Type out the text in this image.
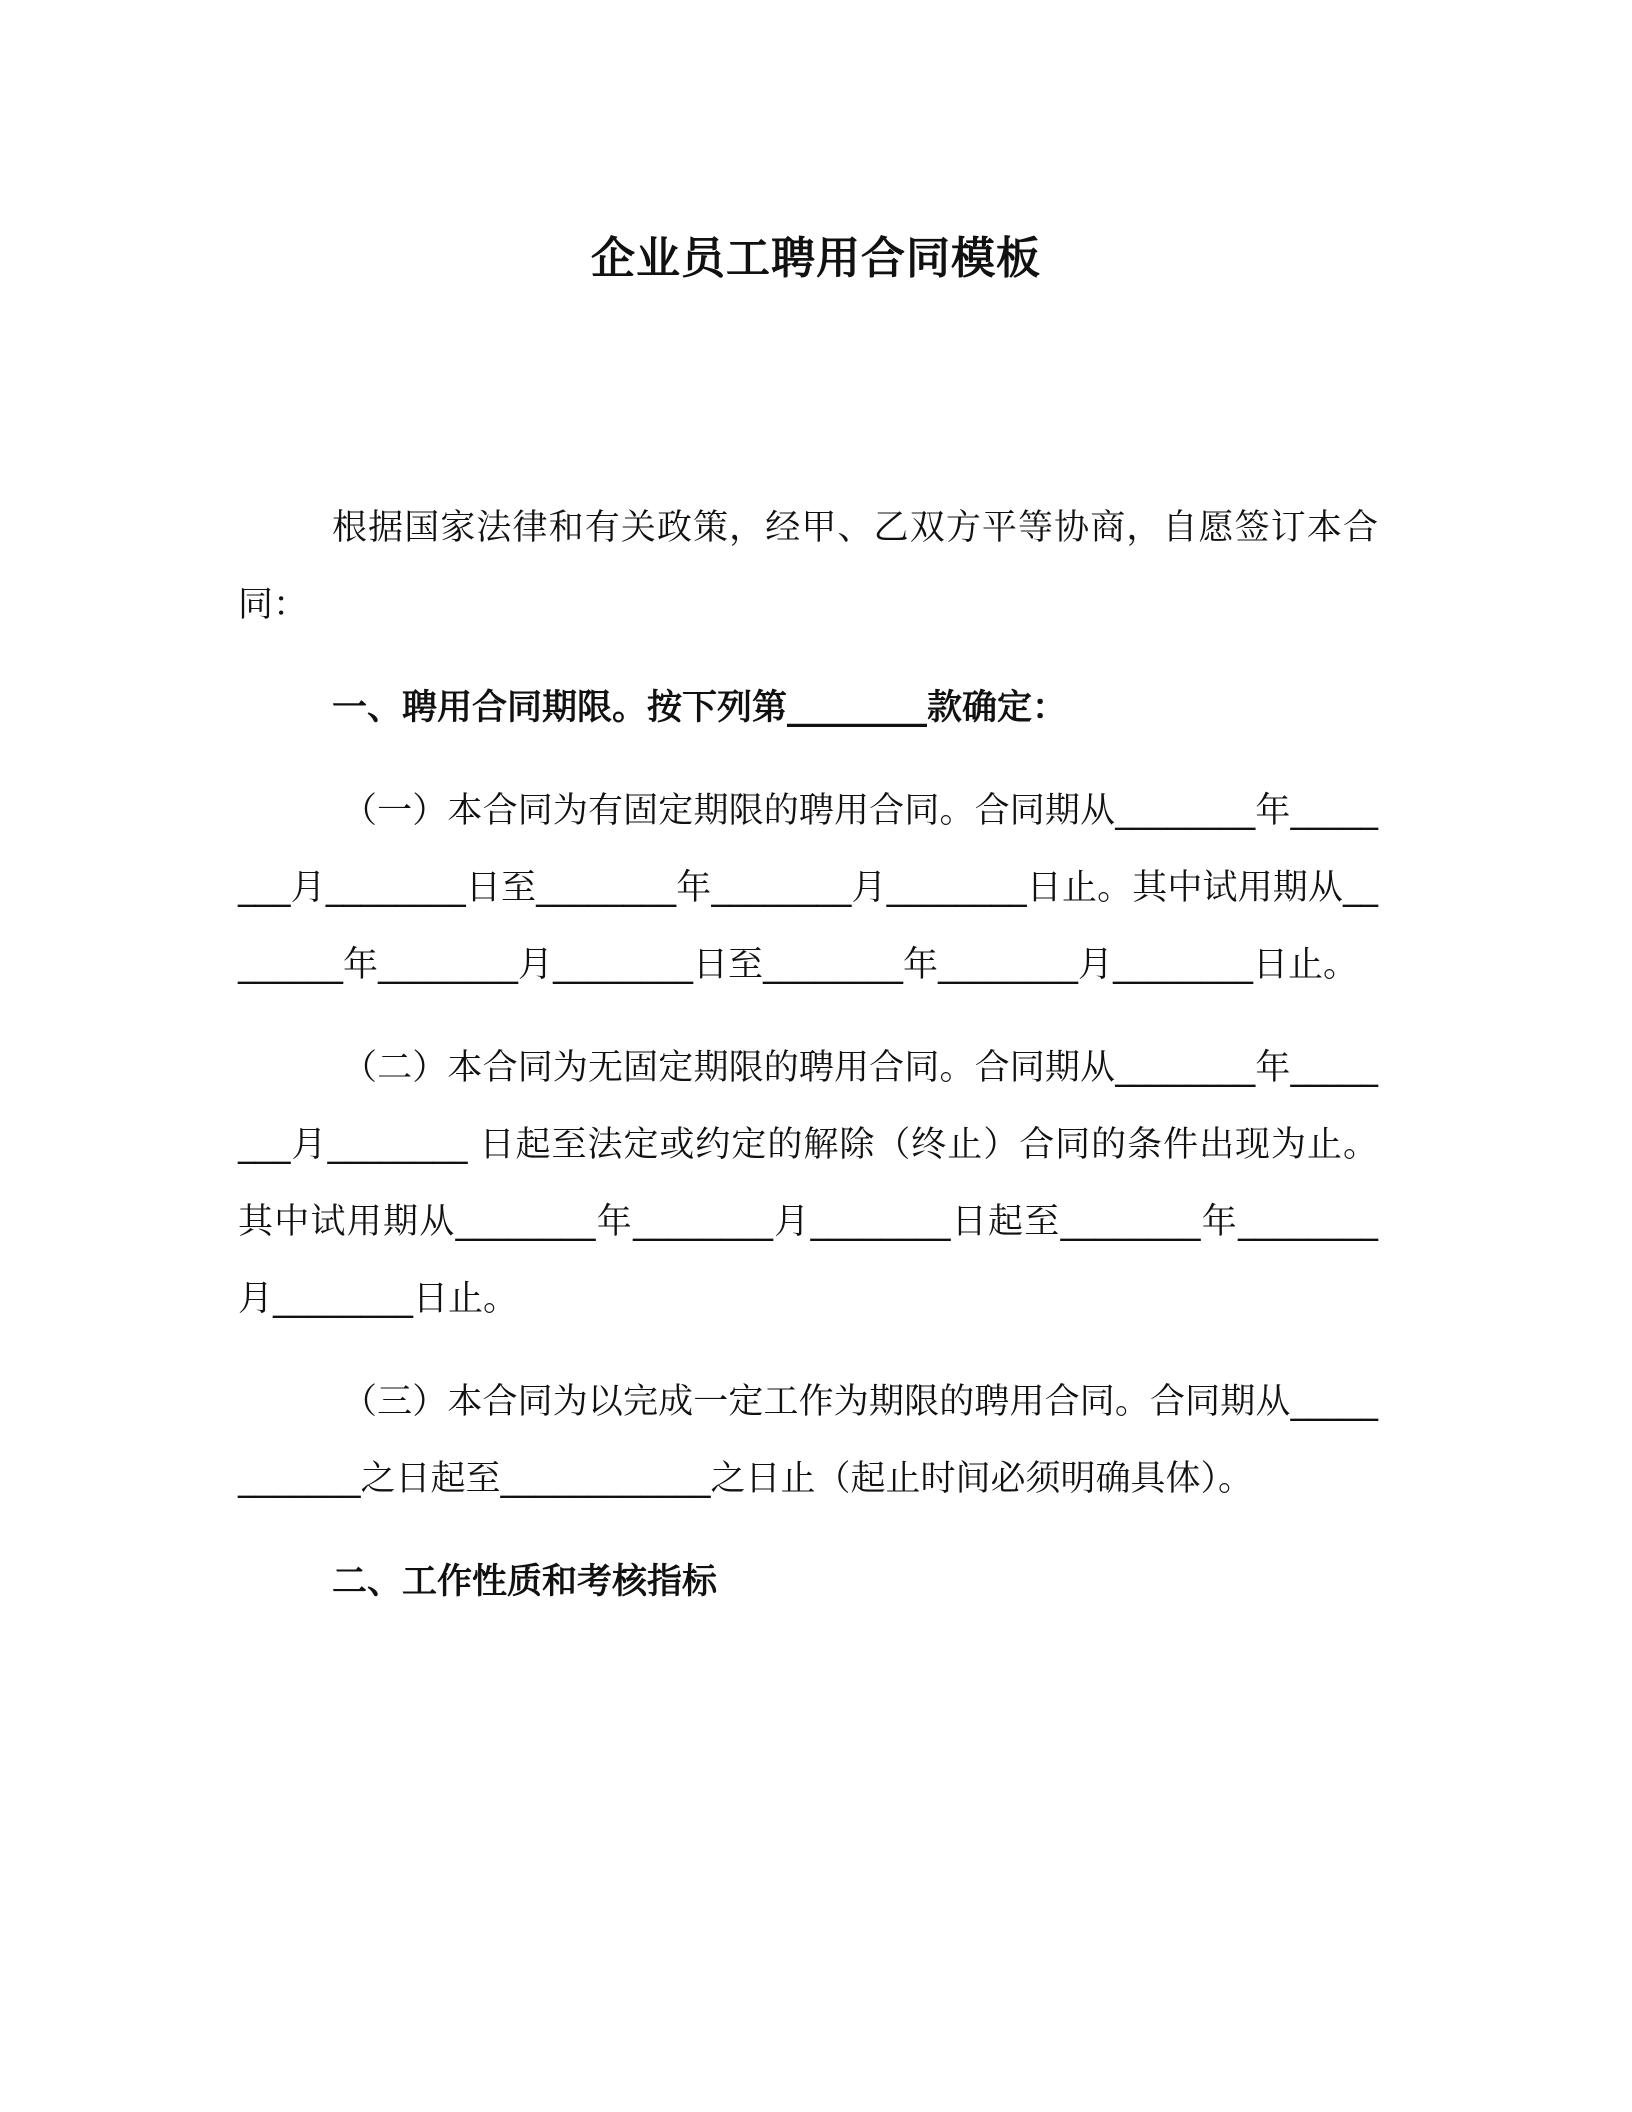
企业员工聘用合同模板

根据国家法律和有关政策，经甲、乙双方平等协商，自愿签订本合同：

一、聘用合同期限。按下列第________款确定：

（一）本合同为有固定期限的聘用合同。合同期从________年________月________日至________年________月________日止。其中试用期从________年________月________日至________年________月________日止。

（二）本合同为无固定期限的聘用合同。合同期从________年________月________ 日起至法定或约定的解除（终止）合同的条件出现为止。其中试用期从________年________月________日起至________年________月________日止。

（三）本合同为以完成一定工作为期限的聘用合同。合同期从____________之日起至____________之日止（起止时间必须明确具体）。

二、工作性质和考核指标
